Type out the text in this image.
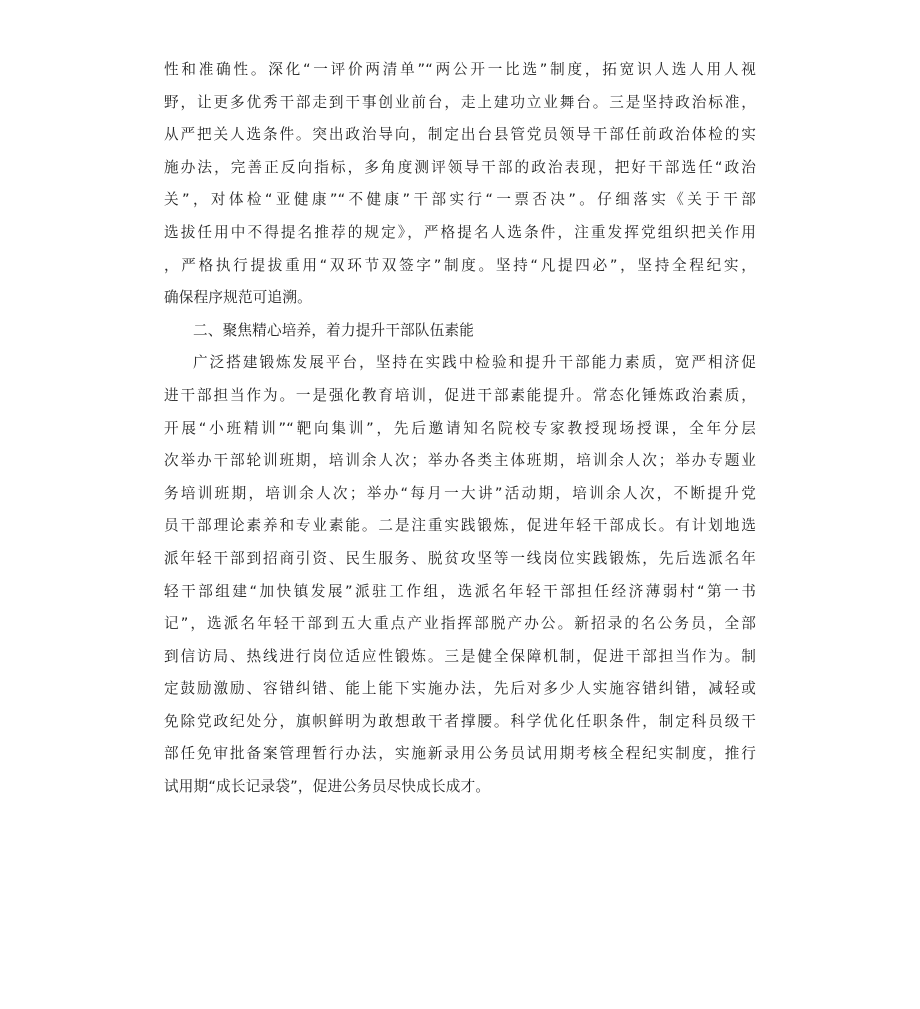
性和准确性。深化“一评价两清单”“两公开一比选”制度，拓宽识人选人用人视
野，让更多优秀干部走到干事创业前台，走上建功立业舞台。三是坚持政治标准，
从严把关人选条件。突出政治导向，制定出台县管党员领导干部任前政治体检的实
施办法，完善正反向指标，多角度测评领导干部的政治表现，把好干部选任“政治
关”，对体检“亚健康”“不健康”干部实行“一票否决”。仔细落实《关于干部
选拔任用中不得提名推荐的规定》，严格提名人选条件，注重发挥党组织把关作用
，严格执行提拔重用“双环节双签字”制度。坚持“凡提四必”，坚持全程纪实，
确保程序规范可追溯。
二、聚焦精心培养，着力提升干部队伍素能
广泛搭建锻炼发展平台，坚持在实践中检验和提升干部能力素质，宽严相济促
进干部担当作为。一是强化教育培训，促进干部素能提升。常态化锤炼政治素质，
开展“小班精训”“靶向集训”，先后邀请知名院校专家教授现场授课，全年分层
次举办干部轮训班期，培训余人次；举办各类主体班期，培训余人次；举办专题业
务培训班期，培训余人次；举办“每月一大讲”活动期，培训余人次，不断提升党
员干部理论素养和专业素能。二是注重实践锻炼，促进年轻干部成长。有计划地选
派年轻干部到招商引资、民生服务、脱贫攻坚等一线岗位实践锻炼，先后选派名年
轻干部组建“加快镇发展”派驻工作组，选派名年轻干部担任经济薄弱村“第一书
记”，选派名年轻干部到五大重点产业指挥部脱产办公。新招录的名公务员，全部
到信访局、热线进行岗位适应性锻炼。三是健全保障机制，促进干部担当作为。制
定鼓励激励、容错纠错、能上能下实施办法，先后对多少人实施容错纠错，减轻或
免除党政纪处分，旗帜鲜明为敢想敢干者撑腰。科学优化任职条件，制定科员级干
部任免审批备案管理暂行办法，实施新录用公务员试用期考核全程纪实制度，推行
试用期“成长记录袋”，促进公务员尽快成长成才。
